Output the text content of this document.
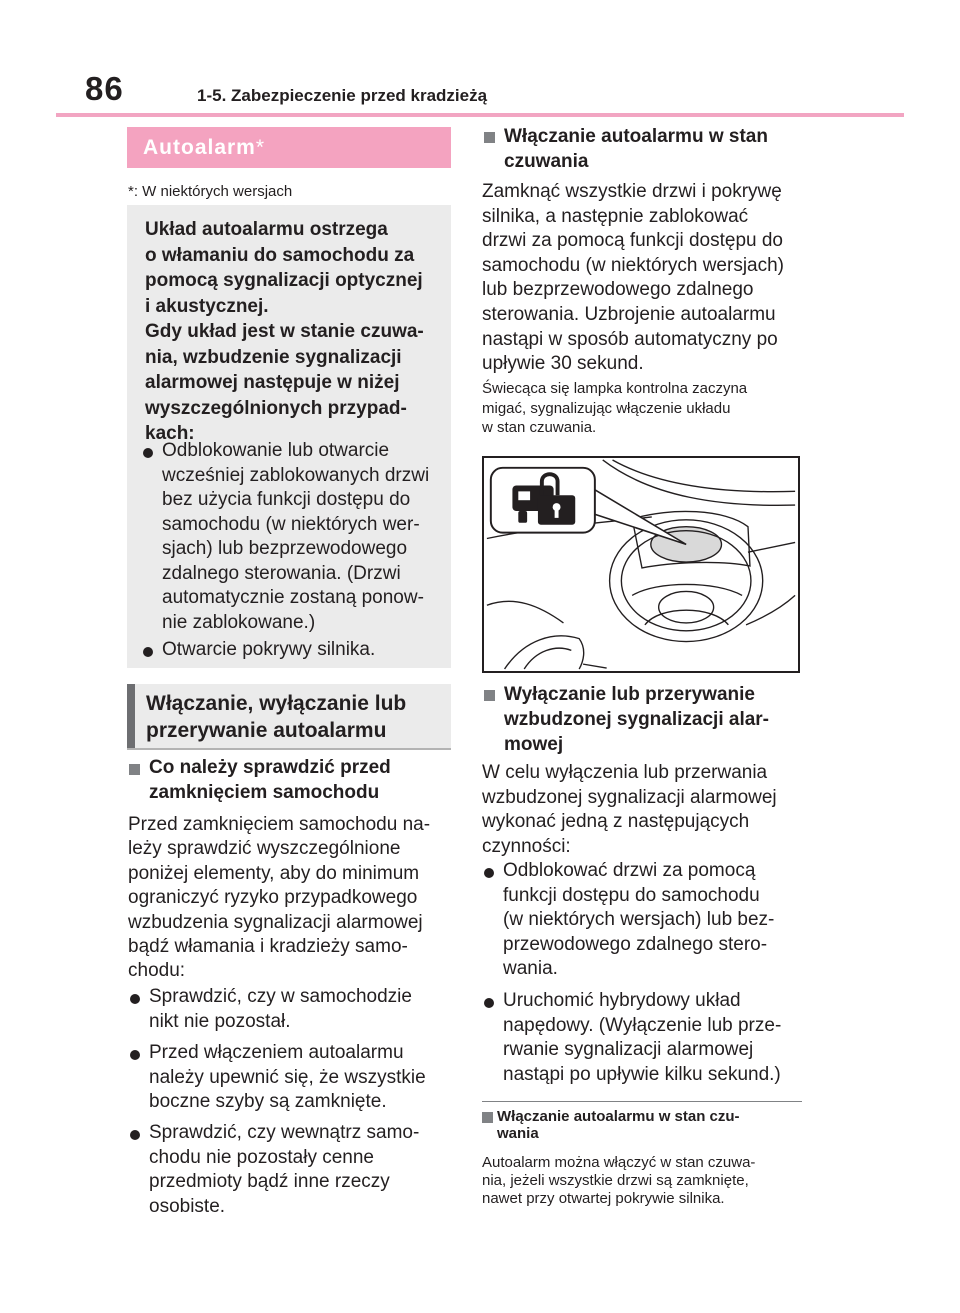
86	1-5. Zabezpieczenie przed kradzieżą
Autoalarm*
*: W niektórych wersjach
Układ autoalarmu ostrzega
o włamaniu do samochodu za
pomocą sygnalizacji optycznej
i akustycznej.
Gdy układ jest w stanie czuwa-
nia, wzbudzenie sygnalizacji
alarmowej następuje w niżej
wyszczególnionych przypad-
kach:
Odblokowanie lub otwarcie
wcześniej zablokowanych drzwi
bez użycia funkcji dostępu do
samochodu (w niektórych wer-
sjach) lub bezprzewodowego
zdalnego sterowania. (Drzwi
automatycznie zostaną ponow-
nie zablokowane.)
Otwarcie pokrywy silnika.
Włączanie, wyłączanie lub
przerywanie autoalarmu
Co należy sprawdzić przed
zamknięciem samochodu
Przed zamknięciem samochodu na-
leży sprawdzić wyszczególnione
poniżej elementy, aby do minimum
ograniczyć ryzyko przypadkowego
wzbudzenia sygnalizacji alarmowej
bądź włamania i kradzieży samo-
chodu:
Sprawdzić, czy w samochodzie
nikt nie pozostał.
Przed włączeniem autoalarmu
należy upewnić się, że wszystkie
boczne szyby są zamknięte.
Sprawdzić, czy wewnątrz samo-
chodu nie pozostały cenne
przedmioty bądź inne rzeczy
osobiste.
Włączanie autoalarmu w stan
czuwania
Zamknąć wszystkie drzwi i pokrywę
silnika, a następnie zablokować
drzwi za pomocą funkcji dostępu do
samochodu (w niektórych wersjach)
lub bezprzewodowego zdalnego
sterowania. Uzbrojenie autoalarmu
nastąpi w sposób automatyczny po
upływie 30 sekund.
Świecąca się lampka kontrolna zaczyna
migać, sygnalizując włączenie układu
w stan czuwania.
Wyłączanie lub przerywanie
wzbudzonej sygnalizacji alar-
mowej
W celu wyłączenia lub przerwania
wzbudzonej sygnalizacji alarmowej
wykonać jedną z następujących
czynności:
Odblokować drzwi za pomocą
funkcji dostępu do samochodu
(w niektórych wersjach) lub bez-
przewodowego zdalnego stero-
wania.
Uruchomić hybrydowy układ
napędowy. (Wyłączenie lub prze-
rwanie sygnalizacji alarmowej
nastąpi po upływie kilku sekund.)
Włączanie autoalarmu w stan czu-
wania
Autoalarm można włączyć w stan czuwa-
nia, jeżeli wszystkie drzwi są zamknięte,
nawet przy otwartej pokrywie silnika.
